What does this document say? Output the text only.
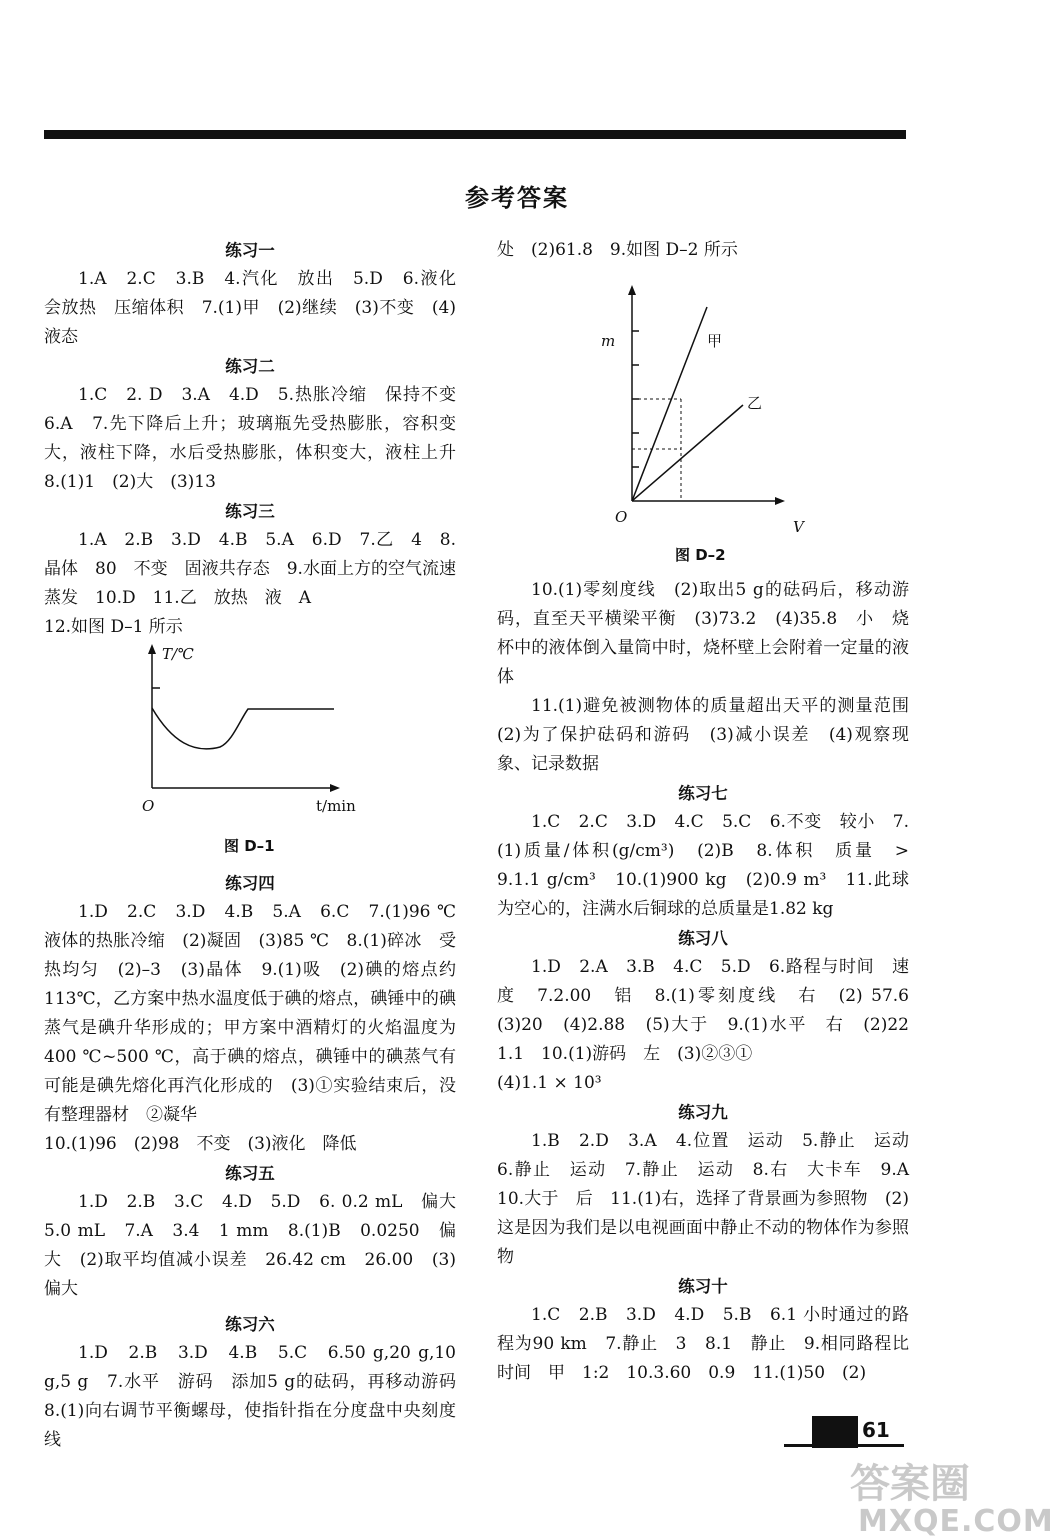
参考答案

练习一

1.A　2.C　3.B　4.汽化　放出　5.D　6.液化　会放热　压缩体积　7.(1)甲　(2)继续　(3)不变　(4)液态

练习二

1.C　2. D　3.A　4.D　5.热胀冷缩　保持不变　6.A　7.先下降后上升；玻璃瓶先受热膨胀，容积变大，液柱下降，水后受热膨胀，体积变大，液柱上升　8.(1)1　(2)大　(3)13

练习三

1.A　2.B　3.D　4.B　5.A　6.D　7.乙　4　8.晶体　80　不变　固液共存态　9.水面上方的空气流速　蒸发　10.D　11.乙　放热　液　A

12.如图 D–1 所示

T/℃
O	t/min

图 D–1

练习四

1.D　2.C　3.D　4.B　5.A　6.C　7.(1)96 ℃　液体的热胀冷缩　(2)凝固　(3)85 ℃　8.(1)碎冰　受热均匀　(2)–3　(3)晶体　9.(1)吸　(2)碘的熔点约113℃，乙方案中热水温度低于碘的熔点，碘锤中的碘蒸气是碘升华形成的；甲方案中酒精灯的火焰温度为400 ℃~500 ℃，高于碘的熔点，碘锤中的碘蒸气有可能是碘先熔化再汽化形成的　(3)①实验结束后，没有整理器材　②凝华

10.(1)96　(2)98　不变　(3)液化　降低

练习五

1.D　2.B　3.C　4.D　5.D　6. 0.2 mL　偏大　5.0 mL　7.A　3.4　1 mm　8.(1)B　0.0250　偏大　(2)取平均值减小误差　26.42 cm　26.00　(3)偏大

练习六

1.D　2.B　3.D　4.B　5.C　6.50 g,20 g,10 g,5 g　7.水平　游码　添加5 g的砝码，再移动游码　8.(1)向右调节平衡螺母，使指针指在分度盘中央刻度线

处　(2)61.8　9.如图 D–2 所示

m	甲
乙
O
V

图 D–2

10.(1)零刻度线　(2)取出5 g的砝码后，移动游码，直至天平横梁平衡　(3)73.2　(4)35.8　小　烧杯中的液体倒入量筒中时，烧杯壁上会附着一定量的液体

11.(1)避免被测物体的质量超出天平的测量范围　(2)为了保护砝码和游码　(3)减小误差　(4)观察现象、记录数据

练习七

1.C　2.C　3.D　4.C　5.C　6.不变　较小　7.(1)质量/体积(g/cm³)　(2)B　8.体积　质量　>　9.1.1 g/cm³　10.(1)900 kg　(2)0.9 m³　11.此球为空心的，注满水后铜球的总质量是1.82 kg

练习八

1.D　2.A　3.B　4.C　5.D　6.路程与时间　速度　7.2.00　铝　8.(1)零刻度线　右　(2) 57.6　(3)20　(4)2.88　(5)大于　9.(1)水平　右　(2)22　1.1　10.(1)游码　左　(3)②③①

(4)1.1 × 10³

练习九

1.B　2.D　3.A　4.位置　运动　5.静止　运动　6.静止　运动　7.静止　运动　8.右　大卡车　9.A　10.大于　后　11.(1)右，选择了背景画为参照物　(2)这是因为我们是以电视画面中静止不动的物体作为参照物

练习十

1.C　2.B　3.D　4.D　5.B　6.1 小时通过的路程为90 km　7.静止　3　8.1　静止　9.相同路程比时间　甲　1:2　10.3.60　0.9　11.(1)50　(2)

61
答案圈
MXQE.COM
